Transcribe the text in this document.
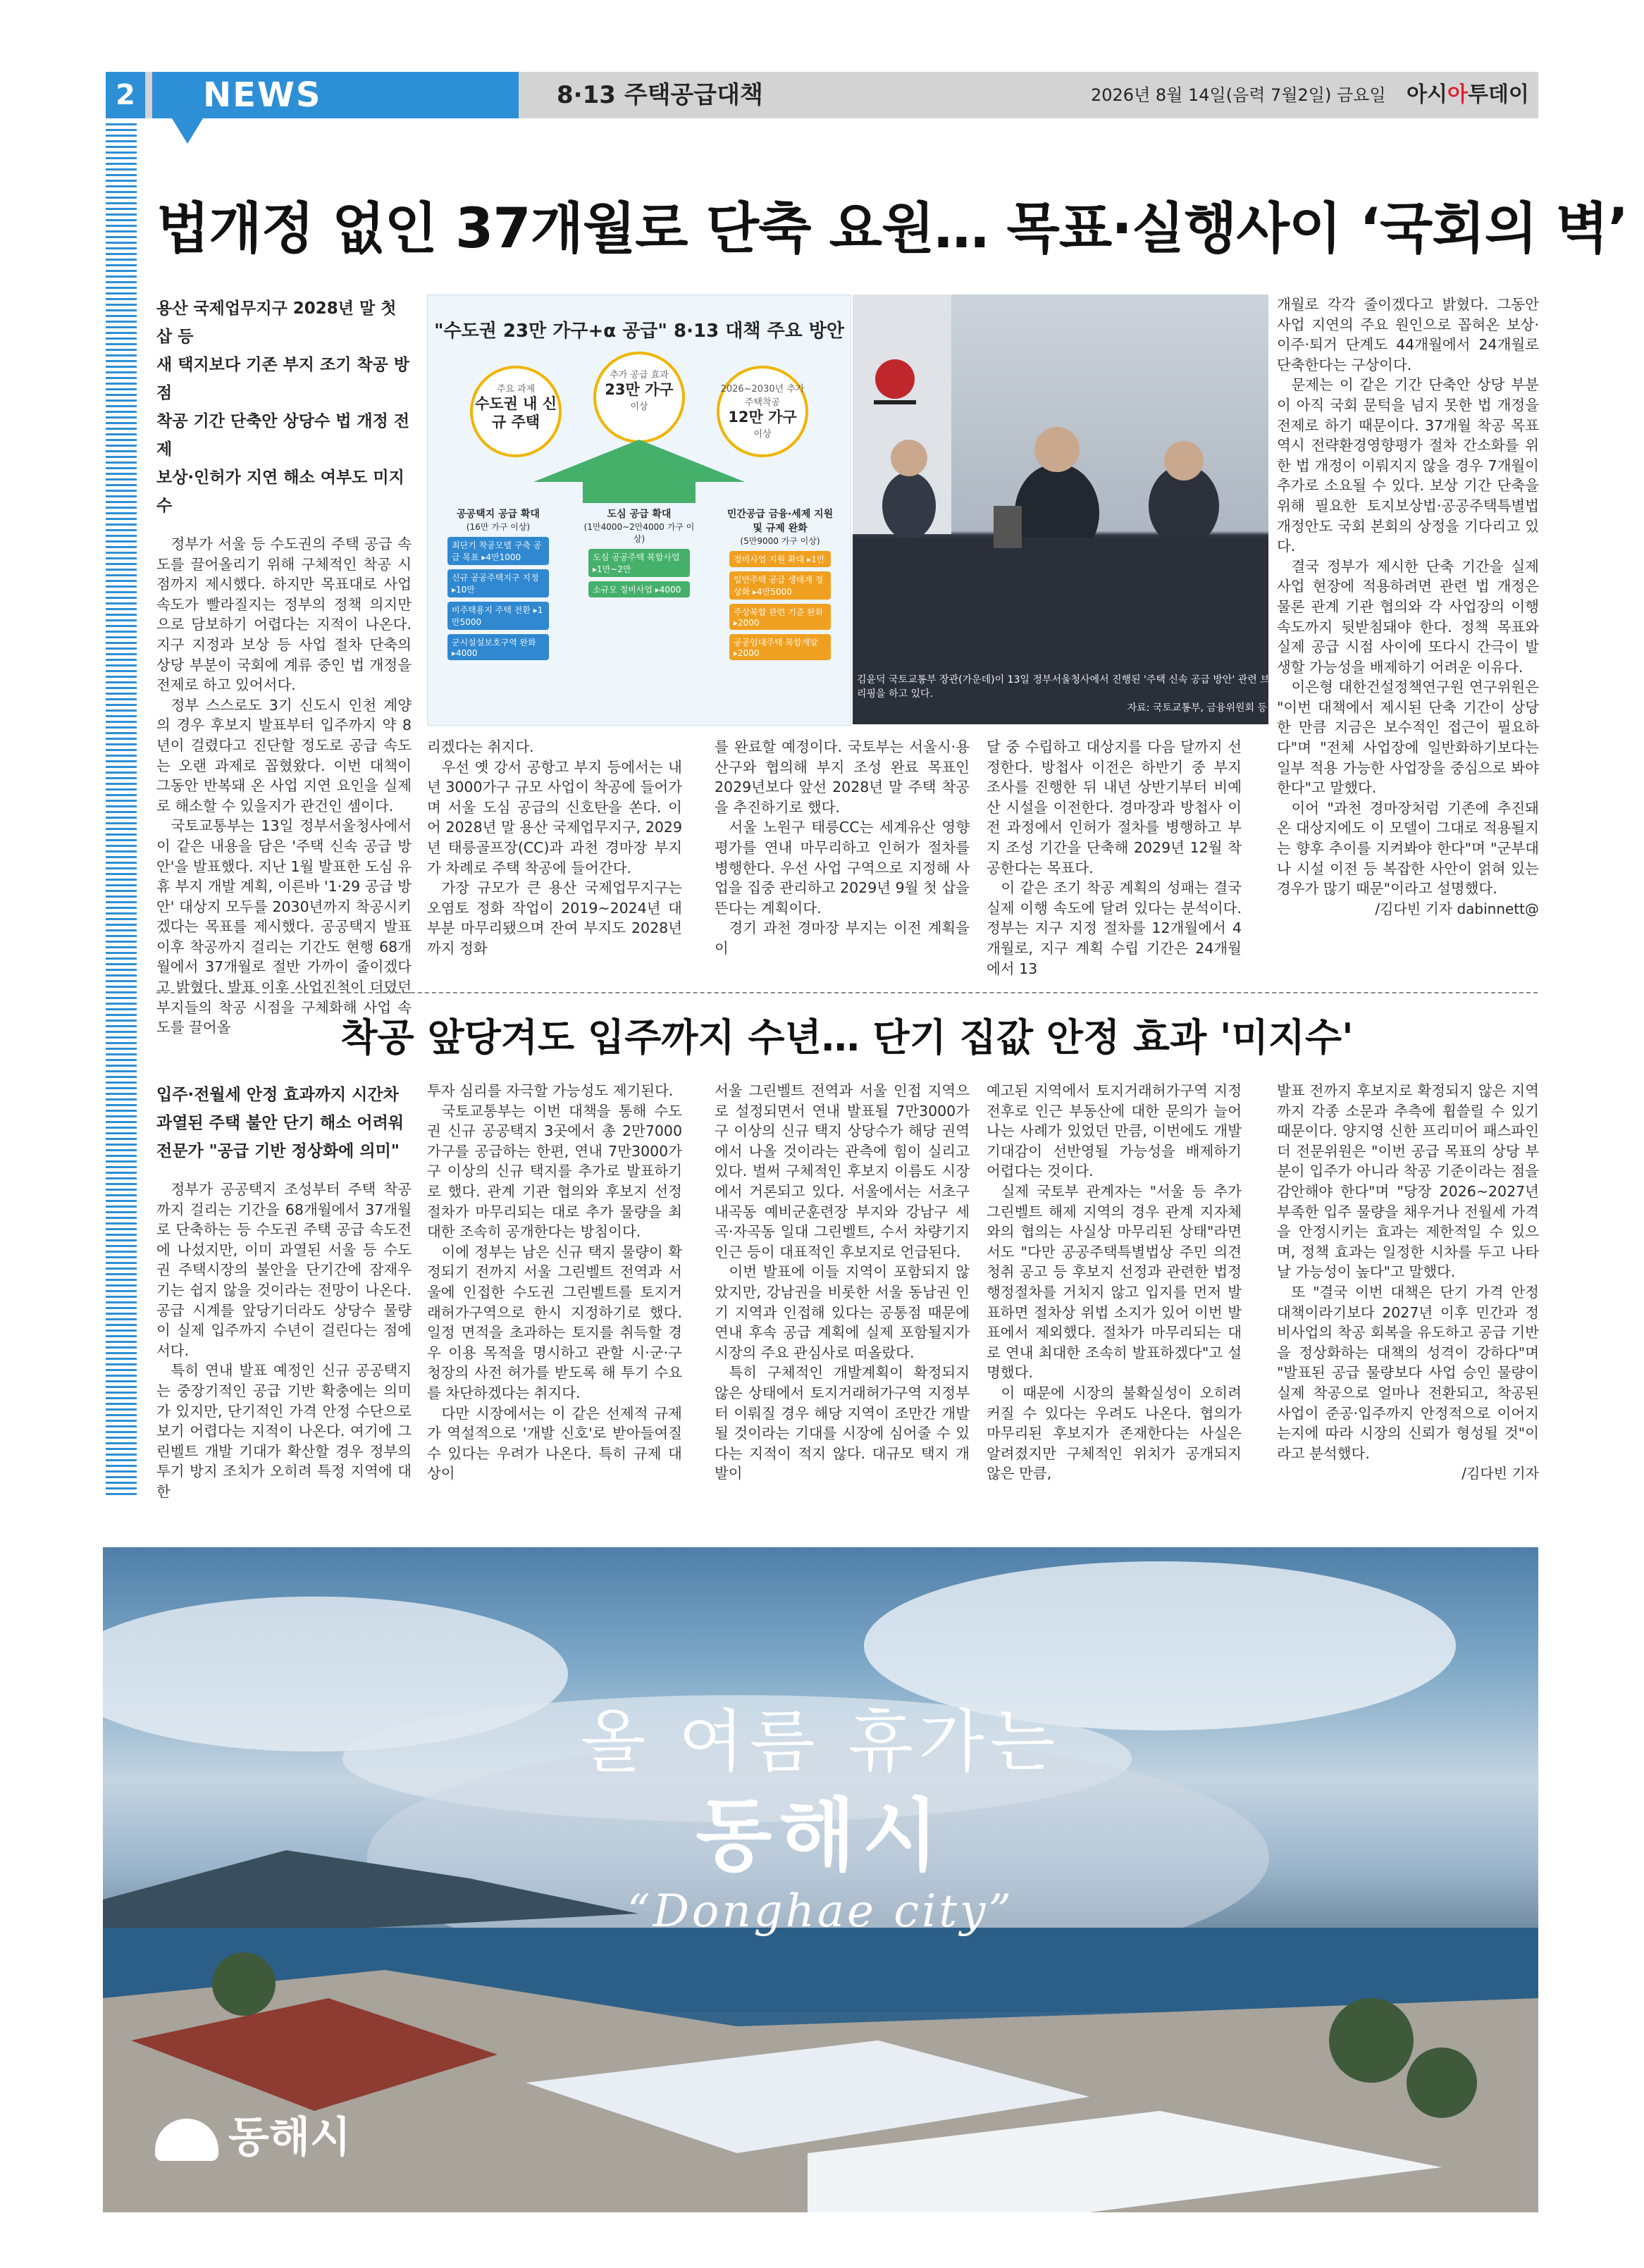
2	NEWS	8·13 주택공급대책	2026년 8월 14일(음력 7월2일) 금요일 아시아투데이
법개정 없인 37개월로 단축 요원… 목표·실행사이 ‘국회의 벽’
용산 국제업무지구 2028년 말 첫삽 등
새 택지보다 기존 부지 조기 착공 방점
착공 기간 단축안 상당수 법 개정 전제
보상·인허가 지연 해소 여부도 미지수

정부가 서울 등 수도권의 주택 공급 속도를 끌어올리기 위해 구체적인 착공 시점까지 제시했다. 하지만 목표대로 사업 속도가 빨라질지는 정부의 정책 의지만으로 담보하기 어렵다는 지적이 나온다. 지구 지정과 보상 등 사업 절차 단축의 상당 부분이 국회에 계류 중인 법 개정을 전제로 하고 있어서다.

정부 스스로도 3기 신도시 인천 계양의 경우 후보지 발표부터 입주까지 약 8년이 걸렸다고 진단할 정도로 공급 속도는 오랜 과제로 꼽혔왔다. 이번 대책이 그동안 반복돼 온 사업 지연 요인을 실제로 해소할 수 있을지가 관건인 셈이다.

국토교통부는 13일 정부서울청사에서 이 같은 내용을 담은 '주택 신속 공급 방안'을 발표했다. 지난 1월 발표한 도심 유휴 부지 개발 계획, 이른바 '1·29 공급 방안' 대상지 모두를 2030년까지 착공시키겠다는 목표를 제시했다. 공공택지 발표 이후 착공까지 걸리는 기간도 현행 68개월에서 37개월로 절반 가까이 줄이겠다고 밝혔다. 발표 이후 사업진척이 더뎠던 부지들의 착공 시점을 구체화해 사업 속도를 끌어올

"수도권 23만 가구+α 공급" 8·13 대책 주요 방안
주요 과제
수도권 내 신규 주택
추가 공급 효과
23만 가구
이상
2026~2030년 추가 주택착공
12만 가구
이상
공공택지 공급 확대
(16만 가구 이상)
최단기 착공모델 구축 공급 목표 ▸4만1000
신규 공공주택지구 지정 ▸10만
비주택용지 주택 전환 ▸1만5000
군시설설보호구역 완화 ▸4000
도심 공급 확대
(1만4000~2만4000 가구 이상)
도심 공공주택 복합사업 ▸1만~2만
소규모 정비사업 ▸4000
민간공급 금융·세제 지원 및 규제 완화
(5만9000 가구 이상)
정비사업 지원 확대 ▸1만
일반주택 공급 생태계 정상화 ▸4만5000
주상복합 관련 기준 완화 ▸2000
공공임대주택 복합개발 ▸2000
김윤덕 국토교통부 장관(가운데)이 13일 정부서울청사에서 진행된 '주택 신속 공급 방안' 관련 브리핑을 하고 있다.
자료: 국토교통부, 금융위원회 등

리겠다는 취지다.

우선 옛 강서 공항고 부지 등에서는 내년 3000가구 규모 사업이 착공에 들어가며 서울 도심 공급의 신호탄을 쏜다. 이어 2028년 말 용산 국제업무지구, 2029년 태릉골프장(CC)과 과천 경마장 부지가 차례로 주택 착공에 들어간다.

가장 규모가 큰 용산 국제업무지구는 오염토 정화 작업이 2019~2024년 대부분 마무리됐으며 잔여 부지도 2028년까지 정화

를 완료할 예정이다. 국토부는 서울시·용산구와 협의해 부지 조성 완료 목표인 2029년보다 앞선 2028년 말 주택 착공을 추진하기로 했다.

서울 노원구 태릉CC는 세계유산 영향평가를 연내 마무리하고 인허가 절차를 병행한다. 우선 사업 구역으로 지정해 사업을 집중 관리하고 2029년 9월 첫 삽을 뜬다는 계획이다.

경기 과천 경마장 부지는 이전 계획을 이

달 중 수립하고 대상지를 다음 달까지 선정한다. 방첩사 이전은 하반기 중 부지 조사를 진행한 뒤 내년 상반기부터 비예산 시설을 이전한다. 경마장과 방첩사 이전 과정에서 인허가 절차를 병행하고 부지 조성 기간을 단축해 2029년 12월 착공한다는 목표다.

이 같은 조기 착공 계획의 성패는 결국 실제 이행 속도에 달려 있다는 분석이다. 정부는 지구 지정 절차를 12개월에서 4개월로, 지구 계획 수립 기간은 24개월에서 13

개월로 각각 줄이겠다고 밝혔다. 그동안 사업 지연의 주요 원인으로 꼽혀온 보상·이주·퇴거 단계도 44개월에서 24개월로 단축한다는 구상이다.

문제는 이 같은 기간 단축안 상당 부분이 아직 국회 문턱을 넘지 못한 법 개정을 전제로 하기 때문이다. 37개월 착공 목표 역시 전략환경영향평가 절차 간소화를 위한 법 개정이 이뤄지지 않을 경우 7개월이 추가로 소요될 수 있다. 보상 기간 단축을 위해 필요한 토지보상법·공공주택특별법 개정안도 국회 본회의 상정을 기다리고 있다.

결국 정부가 제시한 단축 기간을 실제 사업 현장에 적용하려면 관련 법 개정은 물론 관계 기관 협의와 각 사업장의 이행 속도까지 뒷받침돼야 한다. 정책 목표와 실제 공급 시점 사이에 또다시 간극이 발생할 가능성을 배제하기 어려운 이유다.

이은형 대한건설정책연구원 연구위원은 "이번 대책에서 제시된 단축 기간이 상당한 만큼 지금은 보수적인 접근이 필요하다"며 "전체 사업장에 일반화하기보다는 일부 적용 가능한 사업장을 중심으로 봐야 한다"고 말했다.

이어 "과천 경마장처럼 기존에 추진돼 온 대상지에도 이 모델이 그대로 적용될지는 향후 추이를 지켜봐야 한다"며 "군부대나 시설 이전 등 복잡한 사안이 얽혀 있는 경우가 많기 때문"이라고 설명했다.

/김다빈 기자 dabinnett@
착공 앞당겨도 입주까지 수년… 단기 집값 안정 효과 '미지수'
입주·전월세 안정 효과까지 시간차
과열된 주택 불안 단기 해소 어려워
전문가 "공급 기반 정상화에 의미"

정부가 공공택지 조성부터 주택 착공까지 걸리는 기간을 68개월에서 37개월로 단축하는 등 수도권 주택 공급 속도전에 나섰지만, 이미 과열된 서울 등 수도권 주택시장의 불안을 단기간에 잠재우기는 쉽지 않을 것이라는 전망이 나온다. 공급 시계를 앞당기더라도 상당수 물량이 실제 입주까지 수년이 걸린다는 점에서다.

특히 연내 발표 예정인 신규 공공택지는 중장기적인 공급 기반 확충에는 의미가 있지만, 단기적인 가격 안정 수단으로 보기 어렵다는 지적이 나온다. 여기에 그린벨트 개발 기대가 확산할 경우 정부의 투기 방지 조치가 오히려 특정 지역에 대한

투자 심리를 자극할 가능성도 제기된다.

국토교통부는 이번 대책을 통해 수도권 신규 공공택지 3곳에서 총 2만7000가구를 공급하는 한편, 연내 7만3000가구 이상의 신규 택지를 추가로 발표하기로 했다. 관계 기관 협의와 후보지 선정 절차가 마무리되는 대로 추가 물량을 최대한 조속히 공개한다는 방침이다.

이에 정부는 남은 신규 택지 물량이 확정되기 전까지 서울 그린벨트 전역과 서울에 인접한 수도권 그린벨트를 토지거래허가구역으로 한시 지정하기로 했다. 일정 면적을 초과하는 토지를 취득할 경우 이용 목적을 명시하고 관할 시·군·구청장의 사전 허가를 받도록 해 투기 수요를 차단하겠다는 취지다.

다만 시장에서는 이 같은 선제적 규제가 역설적으로 '개발 신호'로 받아들여질 수 있다는 우려가 나온다. 특히 규제 대상이

서울 그린벨트 전역과 서울 인접 지역으로 설정되면서 연내 발표될 7만3000가구 이상의 신규 택지 상당수가 해당 권역에서 나올 것이라는 관측에 힘이 실리고 있다. 벌써 구체적인 후보지 이름도 시장에서 거론되고 있다. 서울에서는 서초구 내곡동 예비군훈련장 부지와 강남구 세곡·자곡동 일대 그린벨트, 수서 차량기지 인근 등이 대표적인 후보지로 언급된다.

이번 발표에 이들 지역이 포함되지 않았지만, 강남권을 비롯한 서울 동남권 인기 지역과 인접해 있다는 공통점 때문에 연내 후속 공급 계획에 실제 포함될지가 시장의 주요 관심사로 떠올랐다.

특히 구체적인 개발계획이 확정되지 않은 상태에서 토지거래허가구역 지정부터 이뤄질 경우 해당 지역이 조만간 개발될 것이라는 기대를 시장에 심어줄 수 있다는 지적이 적지 않다. 대규모 택지 개발이

예고된 지역에서 토지거래허가구역 지정 전후로 인근 부동산에 대한 문의가 늘어나는 사례가 있었던 만큼, 이번에도 개발 기대감이 선반영될 가능성을 배제하기 어렵다는 것이다.

실제 국토부 관계자는 "서울 등 추가 그린벨트 해제 지역의 경우 관계 지자체와의 협의는 사실상 마무리된 상태"라면서도 "다만 공공주택특별법상 주민 의견 청취 공고 등 후보지 선정과 관련한 법정 행정절차를 거치지 않고 입지를 먼저 발표하면 절차상 위법 소지가 있어 이번 발표에서 제외했다. 절차가 마무리되는 대로 연내 최대한 조속히 발표하겠다"고 설명했다.

이 때문에 시장의 불확실성이 오히려 커질 수 있다는 우려도 나온다. 협의가 마무리된 후보지가 존재한다는 사실은 알려졌지만 구체적인 위치가 공개되지 않은 만큼,

발표 전까지 후보지로 확정되지 않은 지역까지 각종 소문과 추측에 휩쓸릴 수 있기 때문이다. 양지영 신한 프리미어 패스파인더 전문위원은 "이번 공급 목표의 상당 부분이 입주가 아니라 착공 기준이라는 점을 감안해야 한다"며 "당장 2026~2027년 부족한 입주 물량을 채우거나 전월세 가격을 안정시키는 효과는 제한적일 수 있으며, 정책 효과는 일정한 시차를 두고 나타날 가능성이 높다"고 말했다.

또 "결국 이번 대책은 단기 가격 안정 대책이라기보다 2027년 이후 민간과 정비사업의 착공 회복을 유도하고 공급 기반을 정상화하는 대책의 성격이 강하다"며 "발표된 공급 물량보다 사업 승인 물량이 실제 착공으로 얼마나 전환되고, 착공된 사업이 준공·입주까지 안정적으로 이어지는지에 따라 시장의 신뢰가 형성될 것"이라고 분석했다.

/김다빈 기자
올 여름 휴가는
동해시
“Donghae city”
동해시
